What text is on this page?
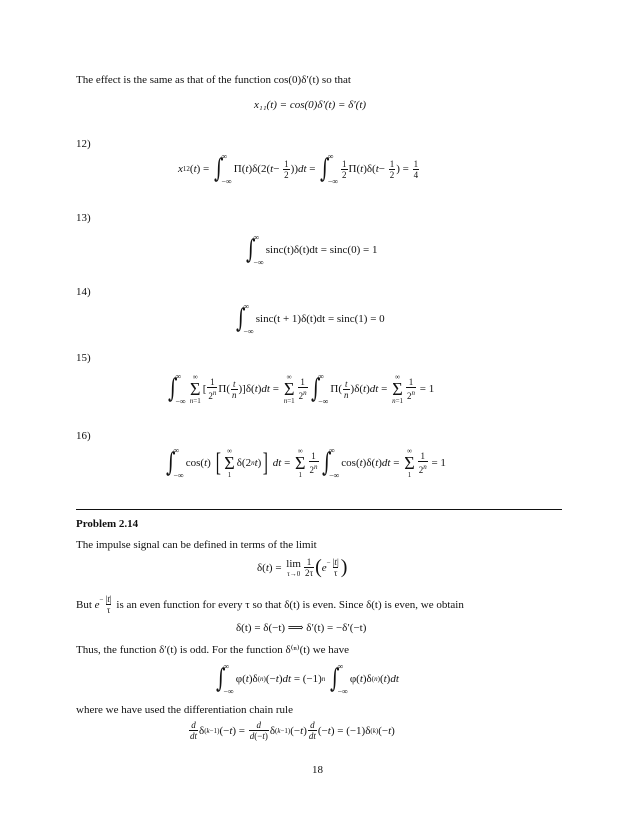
The effect is the same as that of the function cos(0)δ′(t) so that
x₁₁(t) = cos(0)δ′(t) = δ′(t)
12)
x 12 ( t ) = ∫
∞
−∞
Π( t )δ(2( $t - \frac{1}{2}$ )) dt = ∫
∞
−∞
$\frac{1}{2} \Pi$( t )δ( $t - \frac{1}{2}$ ) = $\frac{1}{4}$
13)
∫
∞
−∞
sinc(t)δ(t)dt = sinc(0) = 1
14)
∫
∞
−∞
sinc(t + 1)δ(t)dt = sinc(1) = 0
15)
∫
∞
−∞
∞
Σ
n=1
[ $\frac{1}{2^n} \Pi( \frac{t}{n} )]\delta$( t ) dt =
∞
Σ
$n=1 \frac{1}{2^n}$ ∫
∞
−∞
$\Pi( \frac{t}{n} )\delta$( t ) dt =
∞
Σ
$n=1 \frac{1}{2^n} = 1$
16)
∫
∞
−∞
cos( t ) [ ∞
Σ
1
δ(2 n t ) ]
dt =
∞
Σ
$1 \frac{1}{2^n}$ ∫
∞
−∞
cos( t )δ( t ) dt =
∞
Σ
$1 \frac{1}{2^n} = 1$
Problem 2.14
The impulse signal can be defined in terms of the limit
δ( t ) = lim
$\tau\to 0 \frac{1}{2\tau}$ ( $e - \frac{|t|}{\tau}$ )
But
$e - \frac{|t|}{\tau}$
is an even function for every τ so that δ(t) is even. Since δ(t) is even, we obtain
δ(t) = δ(−t) ⟹ δ′(t) = −δ′(−t)
Thus, the function δ′(t) is odd. For the function δ⁽ⁿ⁾(t) we have
∫
∞
−∞
φ( t )δ (n) (− t ) dt = (−1) n
∫
∞
−∞
φ( t )δ (n) ( t ) dt
where we have used the differentiation chain rule
$\frac{d}{dt}$ δ (k−1) (− t ) = $\frac{d}{d(-t)}$ δ (k−1) (− t ) $\frac{d}{dt}$ (− t ) = (−1)δ (k) (− t )
18
